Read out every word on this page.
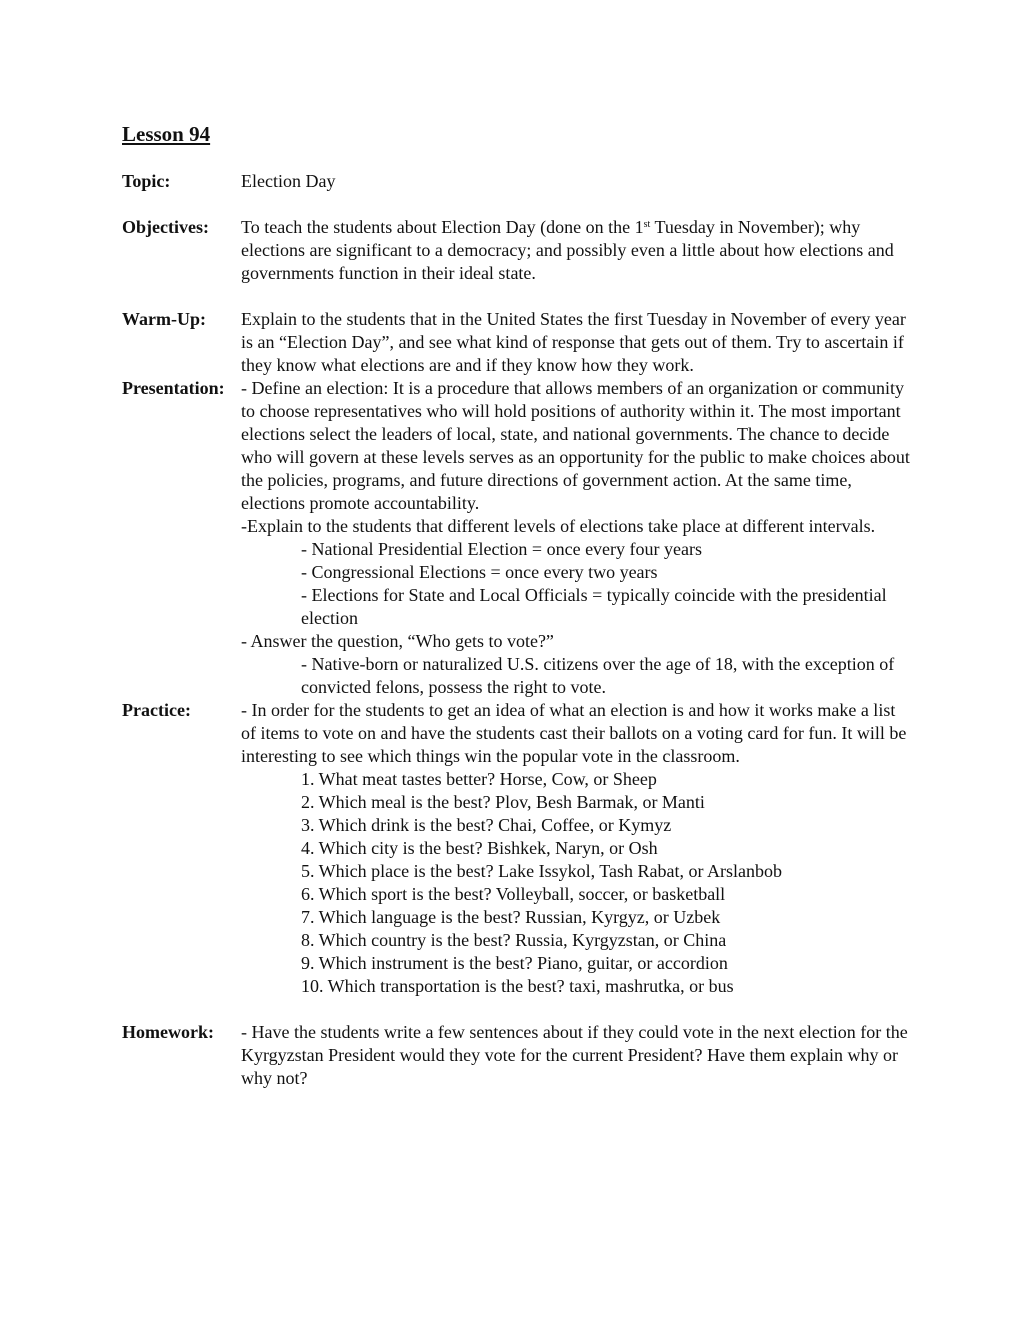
Lesson 94
Topic:	Election Day
Objectives:	To teach the students about Election Day (done on the 1st Tuesday in November); why elections are significant to a democracy; and possibly even a little about how elections and governments function in their ideal state.
Warm-Up:	Explain to the students that in the United States the first Tuesday in November of every year is an “Election Day”, and see what kind of response that gets out of them. Try to ascertain if they know what elections are and if they know how they work.
Presentation: - Define an election: It is a procedure that allows members of an organization or community to choose representatives who will hold positions of authority within it. The most important elections select the leaders of local, state, and national governments. The chance to decide who will govern at these levels serves as an opportunity for the public to make choices about the policies, programs, and future directions of government action. At the same time, elections promote accountability.

-Explain to the students that different levels of elections take place at different intervals.

- National Presidential Election = once every four years

- Congressional Elections = once every two years

- Elections for State and Local Officials = typically coincide with the presidential election

- Answer the question, “Who gets to vote?”

- Native-born or naturalized U.S. citizens over the age of 18, with the exception of convicted felons, possess the right to vote.

Practice:	- In order for the students to get an idea of what an election is and how it works make a list of items to vote on and have the students cast their ballots on a voting card for fun. It will be interesting to see which things win the popular vote in the classroom.

1. What meat tastes better? Horse, Cow, or Sheep

2. Which meal is the best? Plov, Besh Barmak, or Manti

3. Which drink is the best? Chai, Coffee, or Kymyz

4. Which city is the best? Bishkek, Naryn, or Osh

5. Which place is the best? Lake Issykol, Tash Rabat, or Arslanbob

6. Which sport is the best? Volleyball, soccer, or basketball

7. Which language is the best? Russian, Kyrgyz, or Uzbek

8. Which country is the best? Russia, Kyrgyzstan, or China

9. Which instrument is the best? Piano, guitar, or accordion

10. Which transportation is the best? taxi, mashrutka, or bus

Homework:	- Have the students write a few sentences about if they could vote in the next election for the Kyrgyzstan President would they vote for the current President? Have them explain why or why not?
